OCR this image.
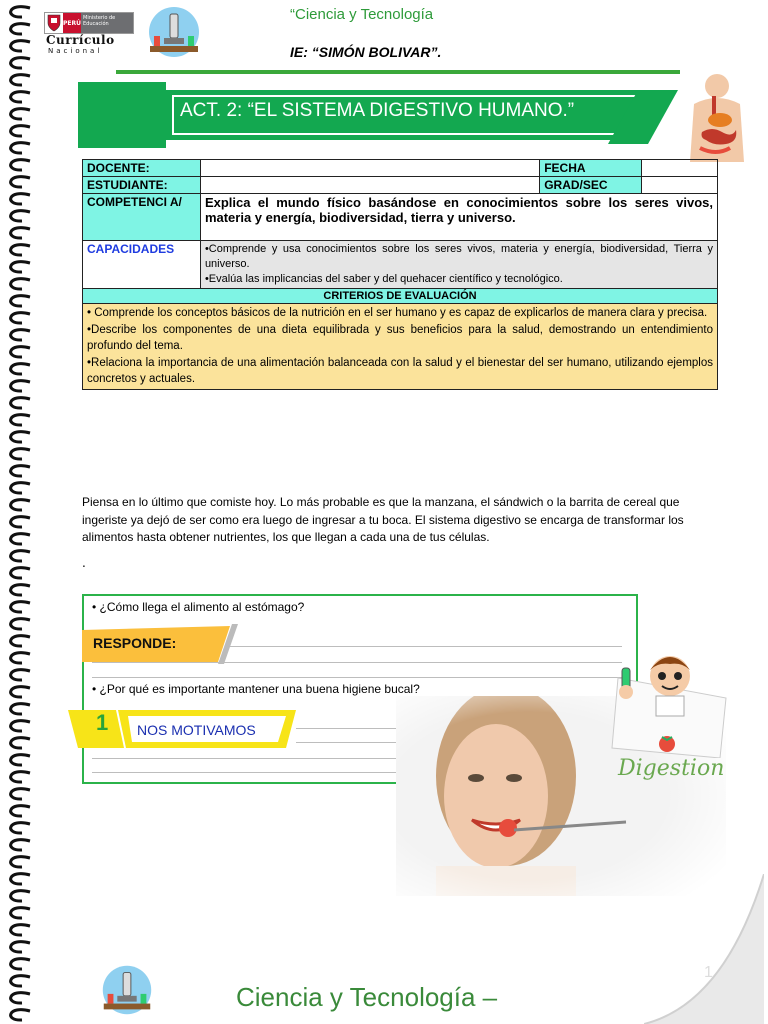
PERÚ
Ministerio de Educación
Currículo
Nacional
“Ciencia y Tecnología
IE: “SIMÓN BOLIVAR”.
ACT. 2: “EL SISTEMA DIGESTIVO HUMANO.”
DOCENTE:		FECHA	
ESTUDIANTE:		GRAD/SEC	
COMPETENCI A/	Explica el mundo físico basándose en conocimientos sobre los seres vivos, materia y energía, biodiversidad, tierra y universo.		
CAPACIDADES	•Comprende y usa conocimientos sobre los seres vivos, materia y energía, biodiversidad, Tierra y universo.
•Evalúa las implicancias del saber y del quehacer científico y tecnológico.		

CRITERIOS DE EVALUACIÓN			

• Comprende los conceptos básicos de la nutrición en el ser humano y es capaz de explicarlos de manera clara y precisa.
•Describe los componentes de una dieta equilibrada y sus beneficios para la salud, demostrando un entendimiento profundo del tema.
•Relaciona la importancia de una alimentación balanceada con la salud y el bienestar del ser humano, utilizando ejemplos concretos y actuales.			
Piensa en lo último que comiste hoy. Lo más probable es que la manzana, el sándwich o la barrita de cereal que ingeriste ya dejó de ser como era luego de ingresar a tu boca. El sistema digestivo se encarga de transformar los alimentos hasta obtener nutrientes, los que llegan a cada una de tus células.
.
• ¿Cómo llega el alimento al estómago?
RESPONDE:
• ¿Por qué es importante mantener una buena higiene bucal?
1 NOS MOTIVAMOS
Digestion
1
Ciencia y Tecnología –
